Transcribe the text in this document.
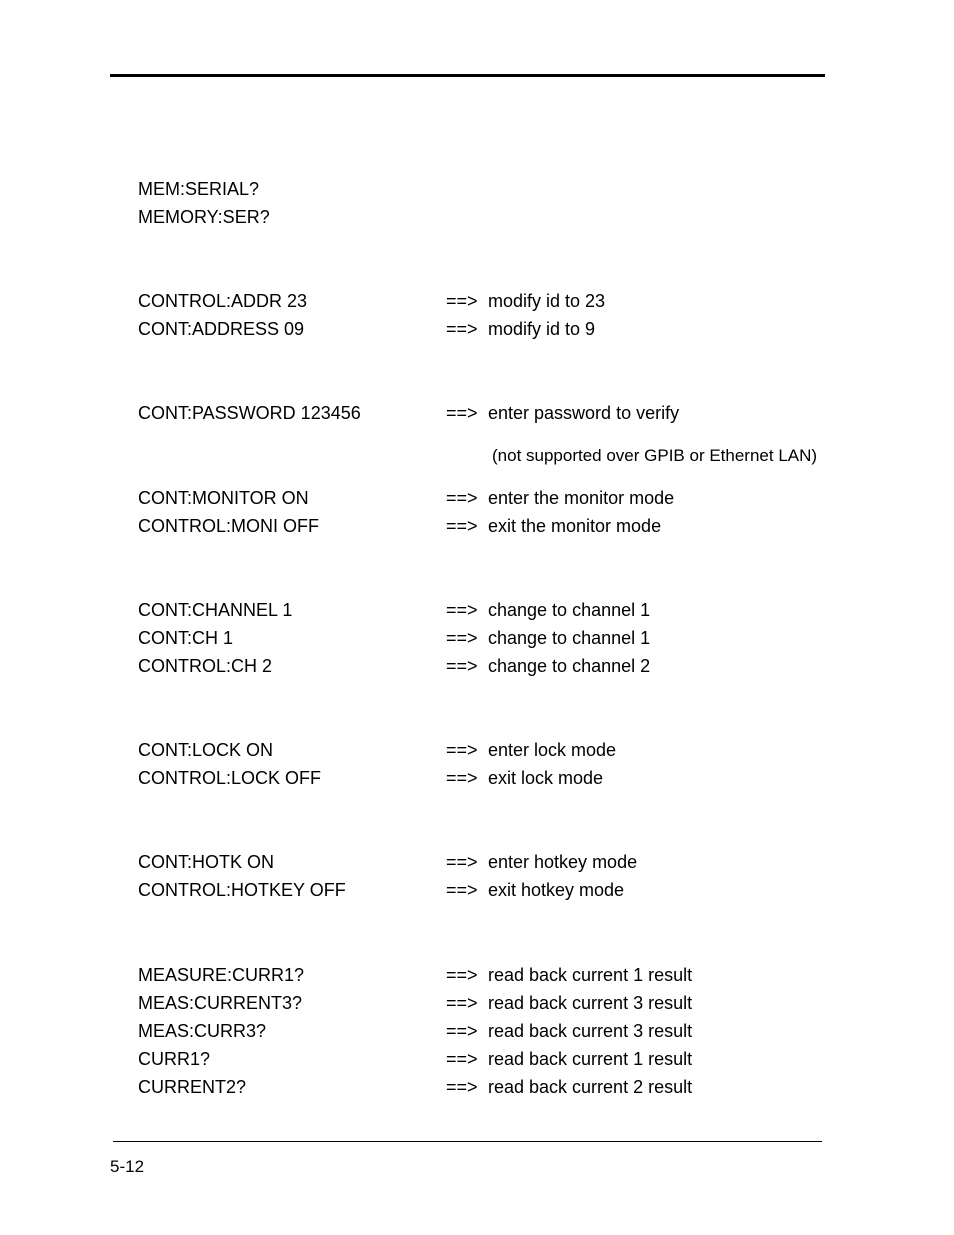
MEM:SERIAL?
MEMORY:SER?
CONTROL:ADDR 23	==> modify id to 23
CONT:ADDRESS 09	==> modify id to 9
CONT:PASSWORD 123456	==> enter password to verify
(not supported over GPIB or Ethernet LAN)
CONT:MONITOR ON	==> enter the monitor mode
CONTROL:MONI OFF	==> exit the monitor mode
CONT:CHANNEL 1	==> change to channel 1
CONT:CH 1	==> change to channel 1
CONTROL:CH 2	==> change to channel 2
CONT:LOCK ON	==> enter lock mode
CONTROL:LOCK OFF	==> exit lock mode
CONT:HOTK ON	==> enter hotkey mode
CONTROL:HOTKEY OFF	==> exit hotkey mode
MEASURE:CURR1?	==> read back current 1 result
MEAS:CURRENT3?	==> read back current 3 result
MEAS:CURR3?	==> read back current 3 result
CURR1?	==> read back current 1 result
CURRENT2?	==> read back current 2 result
5-12
